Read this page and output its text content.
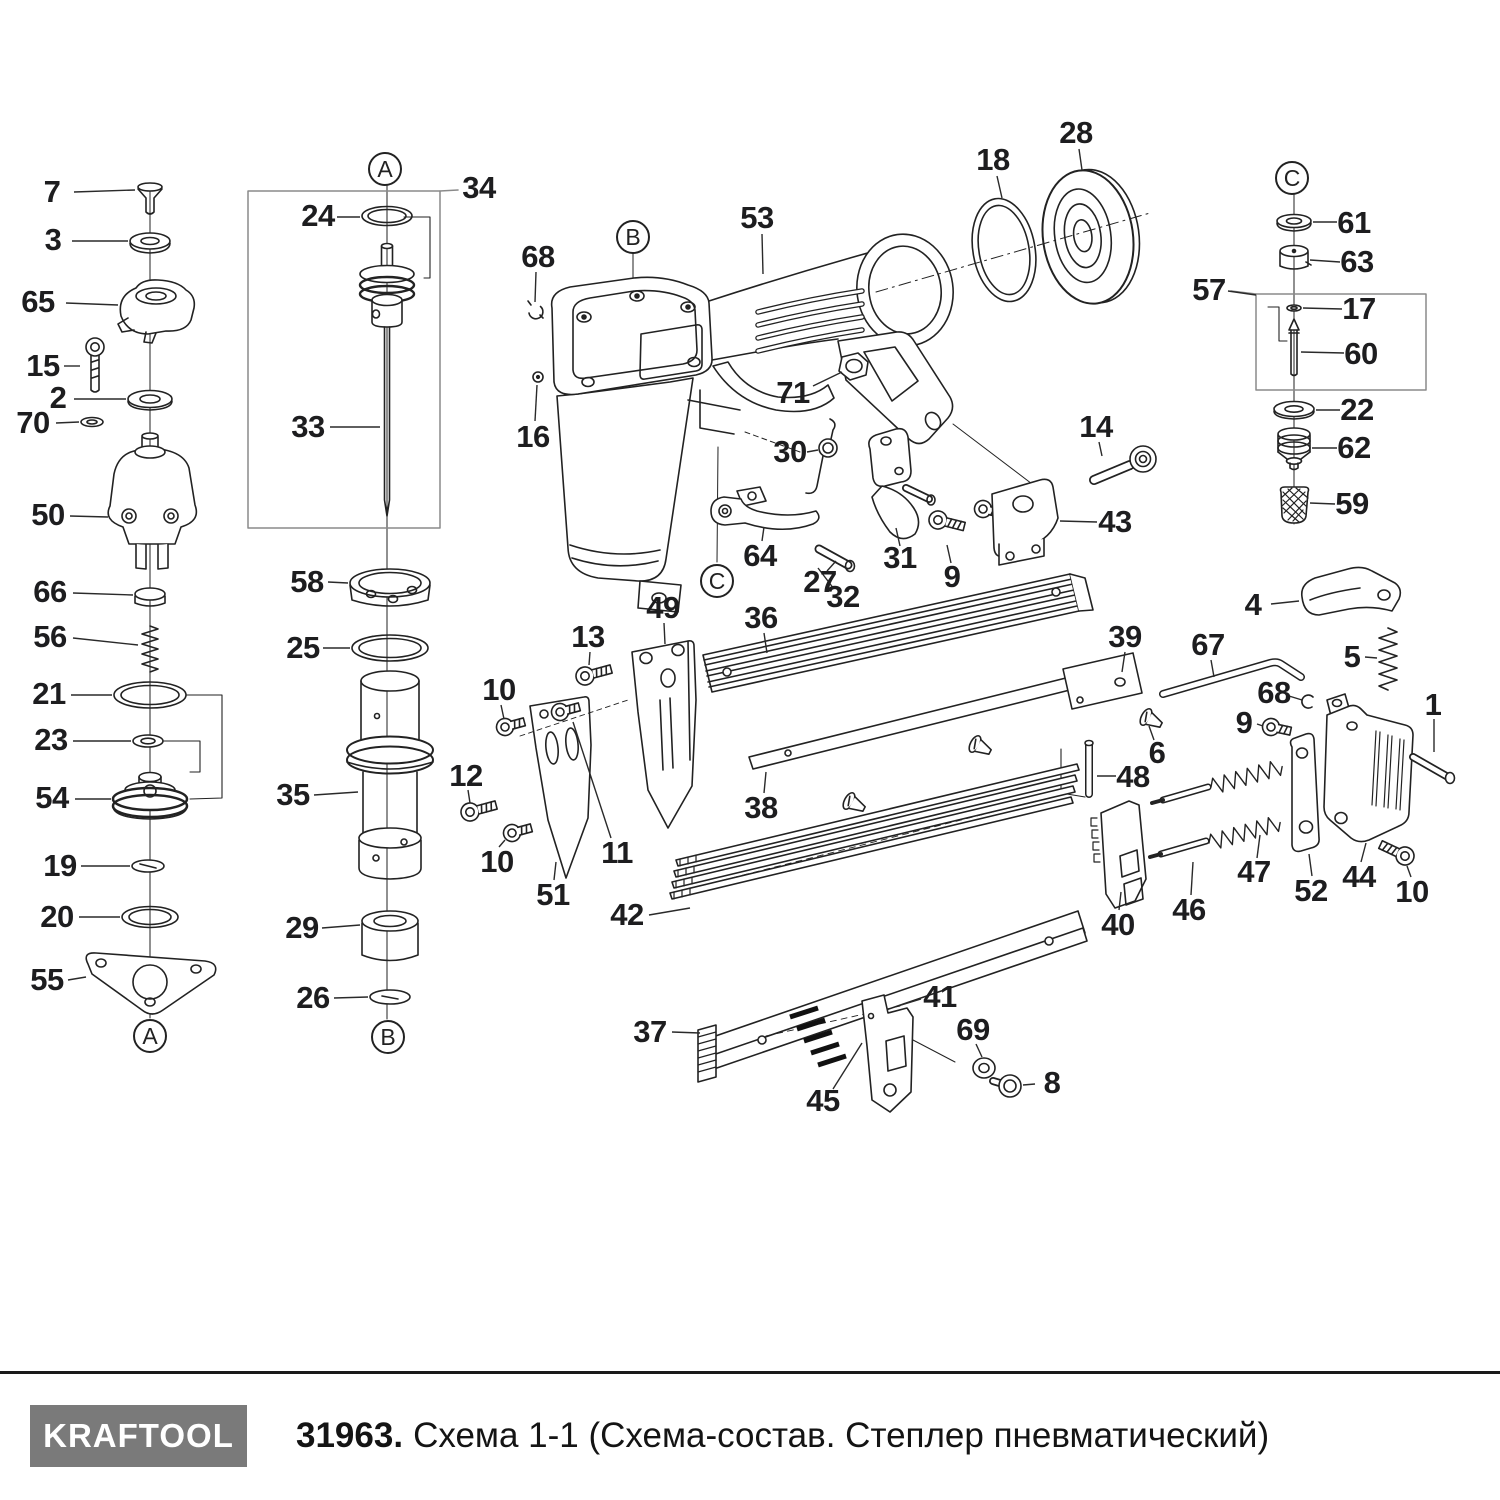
7
3
65
15
2
70
50
66
56
21
23
54
19
20
55
34
24
33
58
25
35
29
26
68
53
16
71
30
64
27
31
9
32
18
28
61
63
57
17
60
22
62
59
14
43
4
5
39 67
68
9
1
6
48
47
52 44 10
46
40
49
13
10
12
10
51
11
42
36
38
37
41
45
69
8
A
A
B
B
C
C
KRAFTOOL 31963. Схема 1-1 (Схема-состав. Степлер пневматический)
